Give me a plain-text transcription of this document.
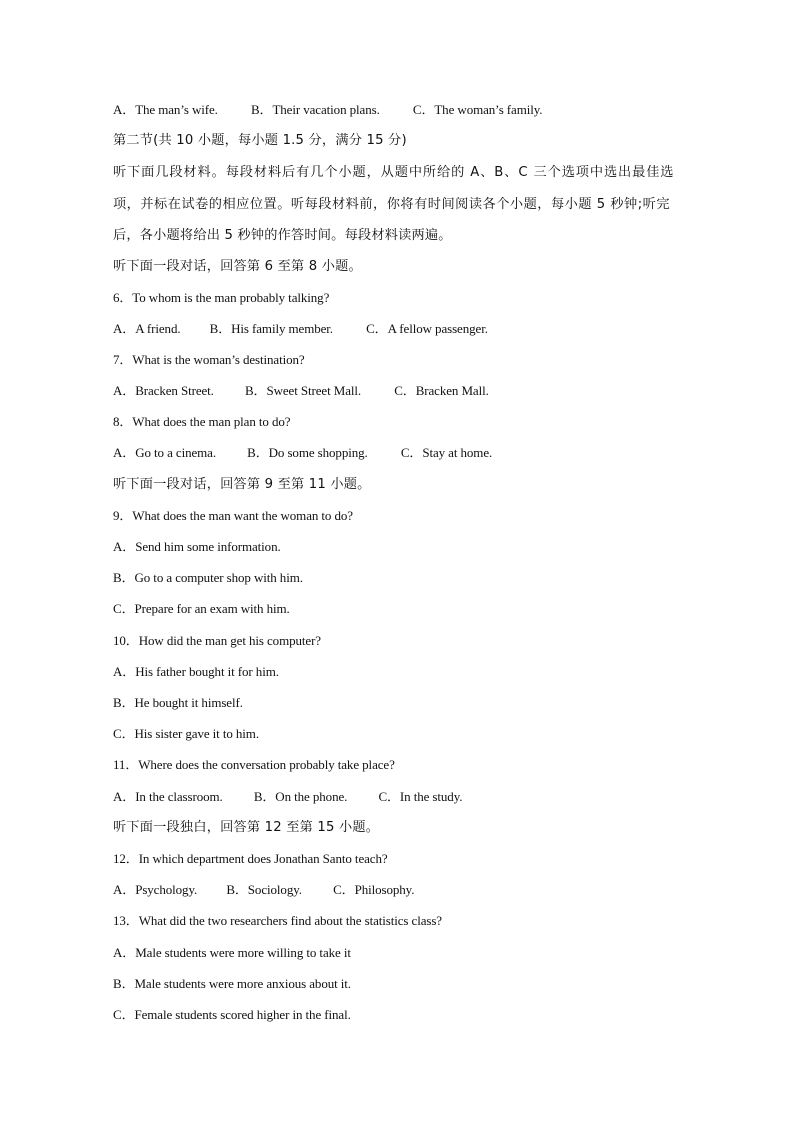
A．The man’s wife.	B．Their vacation plans.	C．The woman’s family.
第二节(共 10 小题，每小题 1.5 分，满分 15 分)
听下面几段材料。每段材料后有几个小题，从题中所给的 A、B、C 三个选项中选出最佳选
项，并标在试卷的相应位置。听每段材料前，你将有时间阅读各个小题，每小题 5 秒钟;听完
后，各小题将给出 5 秒钟的作答时间。每段材料读两遍。
听下面一段对话，回答第 6 至第 8 小题。
6．To whom is the man probably talking?
A．A friend. B．His family member.	C．A fellow passenger.
7．What is the woman’s destination?
A．Bracken Street. B．Sweet Street Mall.	C．Bracken Mall.
8．What does the man plan to do?
A．Go to a cinema. B．Do some shopping.	C．Stay at home.
听下面一段对话，回答第 9 至第 11 小题。
9．What does the man want the woman to do?
A．Send him some information.
B．Go to a computer shop with him.
C．Prepare for an exam with him.
10．How did the man get his computer?
A．His father bought it for him.
B．He bought it himself.
C．His sister gave it to him.
11．Where does the conversation probably take place?
A．In the classroom. B．On the phone. C．In the study.
听下面一段独白，回答第 12 至第 15 小题。
12．In which department does Jonathan Santo teach?
A．Psychology. B．Sociology. C．Philosophy.
13．What did the two researchers find about the statistics class?
A．Male students were more willing to take it
B．Male students were more anxious about it.
C．Female students scored higher in the final.
